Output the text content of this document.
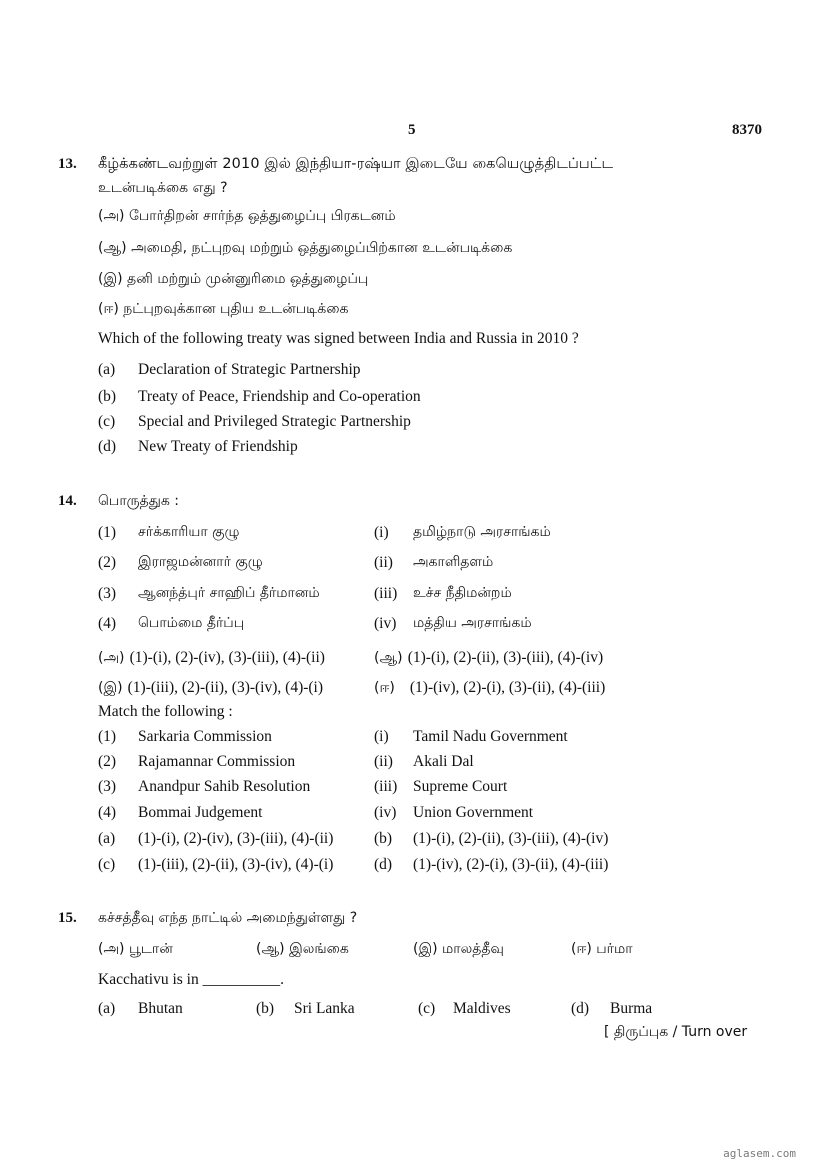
5	8370
13. கீழ்க்கண்டவற்றுள் 2010 இல் இந்தியா-ரஷ்யா இடையே கையெழுத்திடப்பட்ட
உடன்படிக்கை எது ?
(அ) போர்திறன் சார்ந்த ஒத்துழைப்பு பிரகடனம்
(ஆ) அமைதி, நட்புறவு மற்றும் ஒத்துழைப்பிற்கான உடன்படிக்கை
(இ) தனி மற்றும் முன்னுரிமை ஒத்துழைப்பு
(ஈ) நட்புறவுக்கான புதிய உடன்படிக்கை
Which of the following treaty was signed between India and Russia in 2010 ?
(a) Declaration of Strategic Partnership
(b) Treaty of Peace, Friendship and Co-operation
(c) Special and Privileged Strategic Partnership
(d) New Treaty of Friendship
14. பொருத்துக :
(1) சர்க்காரியா குழு	(i) தமிழ்நாடு அரசாங்கம்
(2) இராஜமன்னார் குழு	(ii) அகாளிதளம்
(3) ஆனந்த்புர் சாஹிப் தீர்மானம்	(iii) உச்ச நீதிமன்றம்
(4) பொம்மை தீர்ப்பு	(iv) மத்திய அரசாங்கம்
(அ) (1)-(i), (2)-(iv), (3)-(iii), (4)-(ii)	(ஆ) (1)-(i), (2)-(ii), (3)-(iii), (4)-(iv)
(இ) (1)-(iii), (2)-(ii), (3)-(iv), (4)-(i)	(ஈ) (1)-(iv), (2)-(i), (3)-(ii), (4)-(iii)
Match the following :
(1) Sarkaria Commission	(i) Tamil Nadu Government
(2) Rajamannar Commission	(ii) Akali Dal
(3) Anandpur Sahib Resolution	(iii) Supreme Court
(4) Bommai Judgement	(iv) Union Government
(a) (1)-(i), (2)-(iv), (3)-(iii), (4)-(ii)	(b) (1)-(i), (2)-(ii), (3)-(iii), (4)-(iv)
(c) (1)-(iii), (2)-(ii), (3)-(iv), (4)-(i)	(d) (1)-(iv), (2)-(i), (3)-(ii), (4)-(iii)
15. கச்சத்தீவு எந்த நாட்டில் அமைந்துள்ளது ?
(அ) பூடான்	(ஆ) இலங்கை	(இ) மாலத்தீவு	(ஈ) பர்மா
Kacchativu is in __________.
(a) Bhutan	(b) Sri Lanka	(c) Maldives	(d) Burma
[ திருப்புக / Turn over
aglasem.com
